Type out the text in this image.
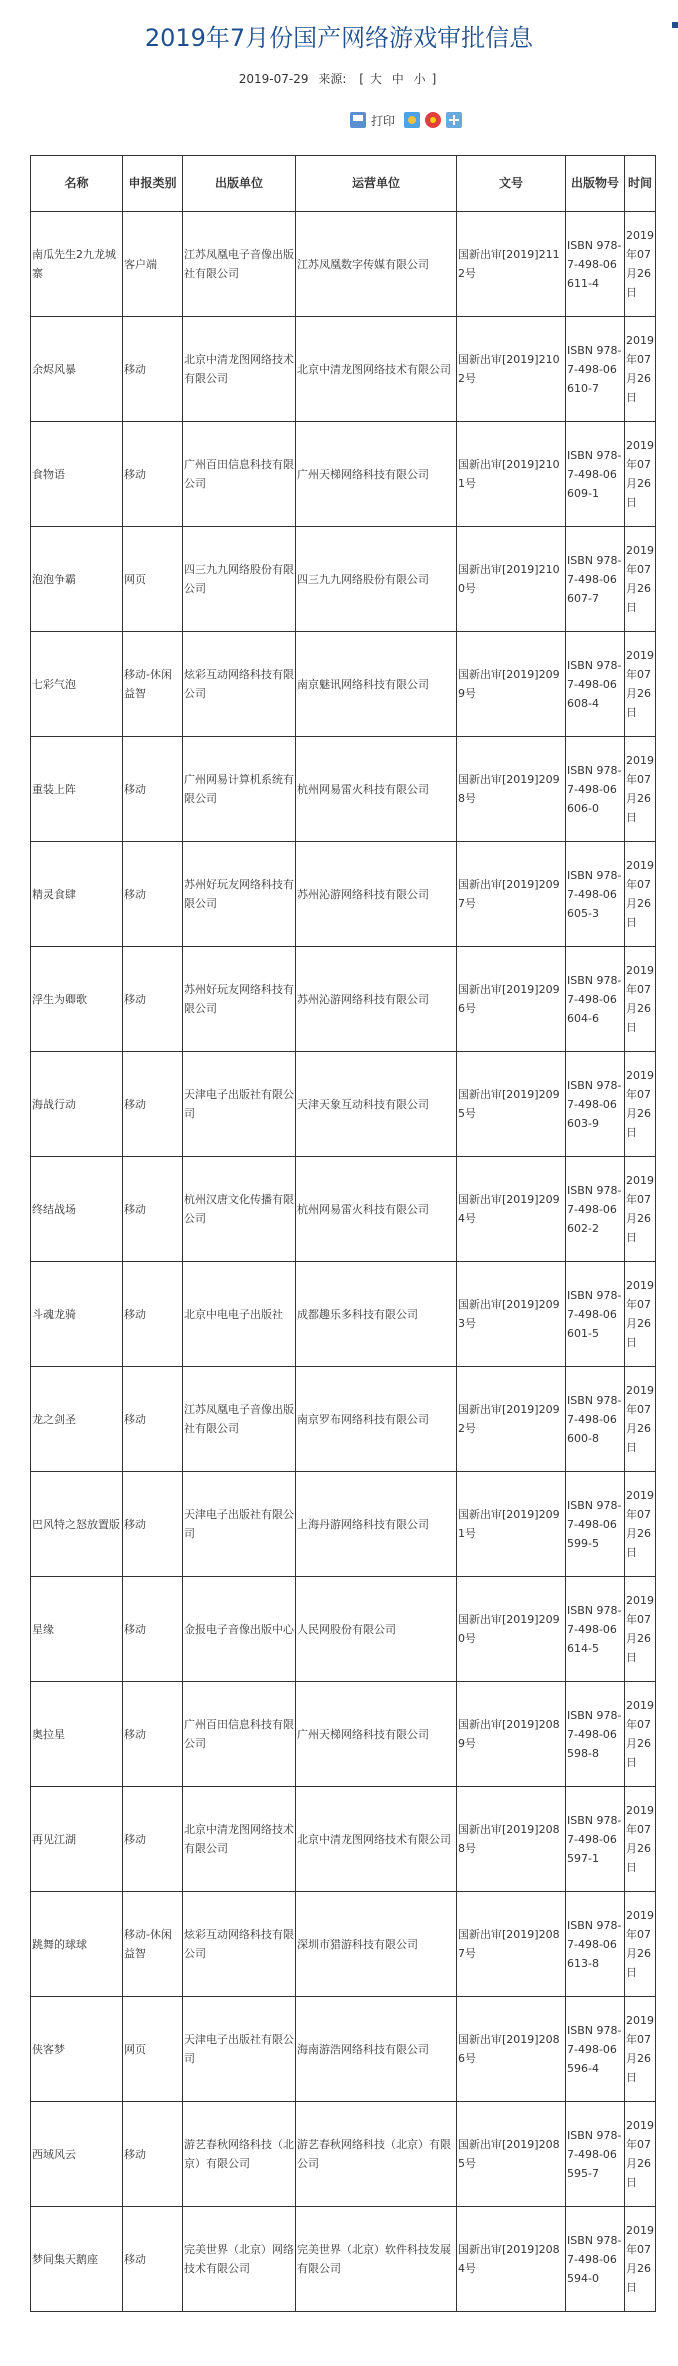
2019年7月份国产网络游戏审批信息
2019-07-29 来源: [ 大 中 小 ]
打印
名称	申报类别	出版单位	运营单位	文号	出版物号	时间
南瓜先生2九龙城寨	客户端	江苏凤凰电子音像出版社有限公司	江苏凤凰数字传媒有限公司	国新出审[2019]2112号	ISBN 978-7-498-06611-4	2019年07月26日
余烬风暴	移动	北京中清龙图网络技术有限公司	北京中清龙图网络技术有限公司	国新出审[2019]2102号	ISBN 978-7-498-06610-7	2019年07月26日
食物语	移动	广州百田信息科技有限公司	广州天梯网络科技有限公司	国新出审[2019]2101号	ISBN 978-7-498-06609-1	2019年07月26日
泡泡争霸	网页	四三九九网络股份有限公司	四三九九网络股份有限公司	国新出审[2019]2100号	ISBN 978-7-498-06607-7	2019年07月26日
七彩气泡	移动-休闲益智	炫彩互动网络科技有限公司	南京魅讯网络科技有限公司	国新出审[2019]2099号	ISBN 978-7-498-06608-4	2019年07月26日
重装上阵	移动	广州网易计算机系统有限公司	杭州网易雷火科技有限公司	国新出审[2019]2098号	ISBN 978-7-498-06606-0	2019年07月26日
精灵食肆	移动	苏州好玩友网络科技有限公司	苏州沁游网络科技有限公司	国新出审[2019]2097号	ISBN 978-7-498-06605-3	2019年07月26日
浮生为卿歌	移动	苏州好玩友网络科技有限公司	苏州沁游网络科技有限公司	国新出审[2019]2096号	ISBN 978-7-498-06604-6	2019年07月26日
海战行动	移动	天津电子出版社有限公司	天津天象互动科技有限公司	国新出审[2019]2095号	ISBN 978-7-498-06603-9	2019年07月26日
终结战场	移动	杭州汉唐文化传播有限公司	杭州网易雷火科技有限公司	国新出审[2019]2094号	ISBN 978-7-498-06602-2	2019年07月26日
斗魂龙骑	移动	北京中电电子出版社	成都趣乐多科技有限公司	国新出审[2019]2093号	ISBN 978-7-498-06601-5	2019年07月26日
龙之剑圣	移动	江苏凤凰电子音像出版社有限公司	南京罗布网络科技有限公司	国新出审[2019]2092号	ISBN 978-7-498-06600-8	2019年07月26日
巴风特之怒放置版	移动	天津电子出版社有限公司	上海丹游网络科技有限公司	国新出审[2019]2091号	ISBN 978-7-498-06599-5	2019年07月26日
星缘	移动	金报电子音像出版中心	人民网股份有限公司	国新出审[2019]2090号	ISBN 978-7-498-06614-5	2019年07月26日
奥拉星	移动	广州百田信息科技有限公司	广州天梯网络科技有限公司	国新出审[2019]2089号	ISBN 978-7-498-06598-8	2019年07月26日
再见江湖	移动	北京中清龙图网络技术有限公司	北京中清龙图网络技术有限公司	国新出审[2019]2088号	ISBN 978-7-498-06597-1	2019年07月26日
跳舞的球球	移动-休闲益智	炫彩互动网络科技有限公司	深圳市猎游科技有限公司	国新出审[2019]2087号	ISBN 978-7-498-06613-8	2019年07月26日
侠客梦	网页	天津电子出版社有限公司	海南游浩网络科技有限公司	国新出审[2019]2086号	ISBN 978-7-498-06596-4	2019年07月26日
西域风云	移动	游艺春秋网络科技（北京）有限公司	游艺春秋网络科技（北京）有限公司	国新出审[2019]2085号	ISBN 978-7-498-06595-7	2019年07月26日
梦间集天鹅座	移动	完美世界（北京）网络技术有限公司	完美世界（北京）软件科技发展有限公司	国新出审[2019]2084号	ISBN 978-7-498-06594-0	2019年07月26日
